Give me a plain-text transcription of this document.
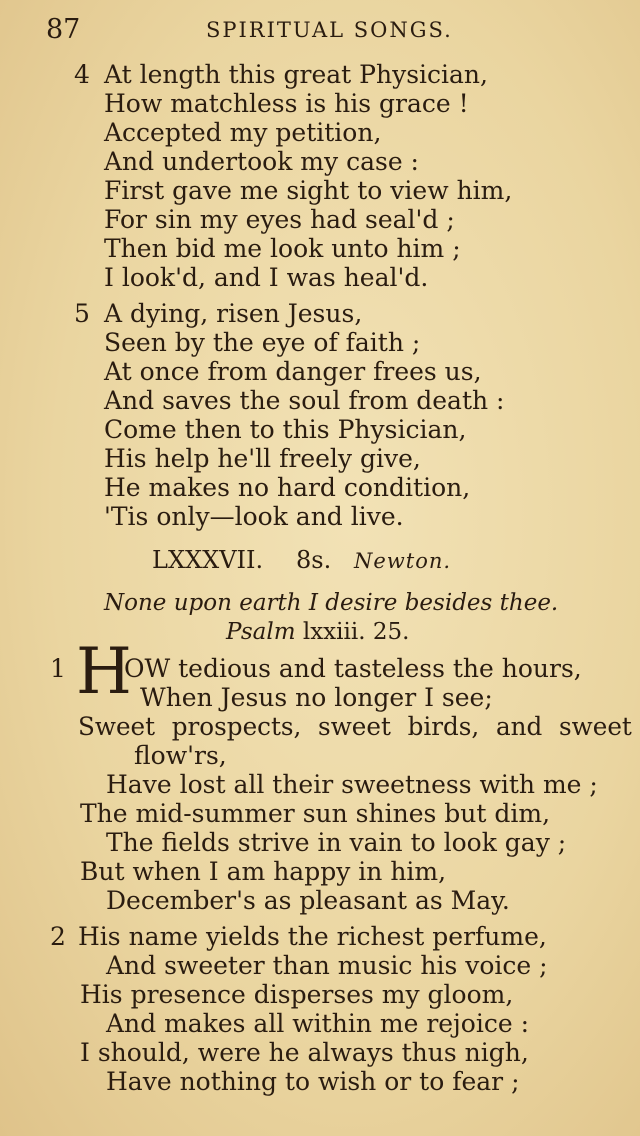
87	SPIRITUAL SONGS.
4 At length this great Physician,
How matchless is his grace !
Accepted my petition,
And undertook my case :
First gave me sight to view him,
For sin my eyes had seal'd ;
Then bid me look unto him ;
I look'd, and I was heal'd.
5 A dying, risen Jesus,
Seen by the eye of faith ;
At once from danger frees us,
And saves the soul from death :
Come then to this Physician,
His help he'll freely give,
He makes no hard condition,
'Tis only—look and live.
LXXXVII. 8s. Newton.
None upon earth I desire besides thee.
Psalm lxxiii. 25.
1 H
OW tedious and tasteless the hours,
When Jesus no longer I see;
Sweet prospects, sweet birds, and sweet
flow'rs,
Have lost all their sweetness with me ;
The mid-summer sun shines but dim,
The fields strive in vain to look gay ;
But when I am happy in him,
December's as pleasant as May.
2 His name yields the richest perfume,
And sweeter than music his voice ;
His presence disperses my gloom,
And makes all within me rejoice :
I should, were he always thus nigh,
Have nothing to wish or to fear ;
